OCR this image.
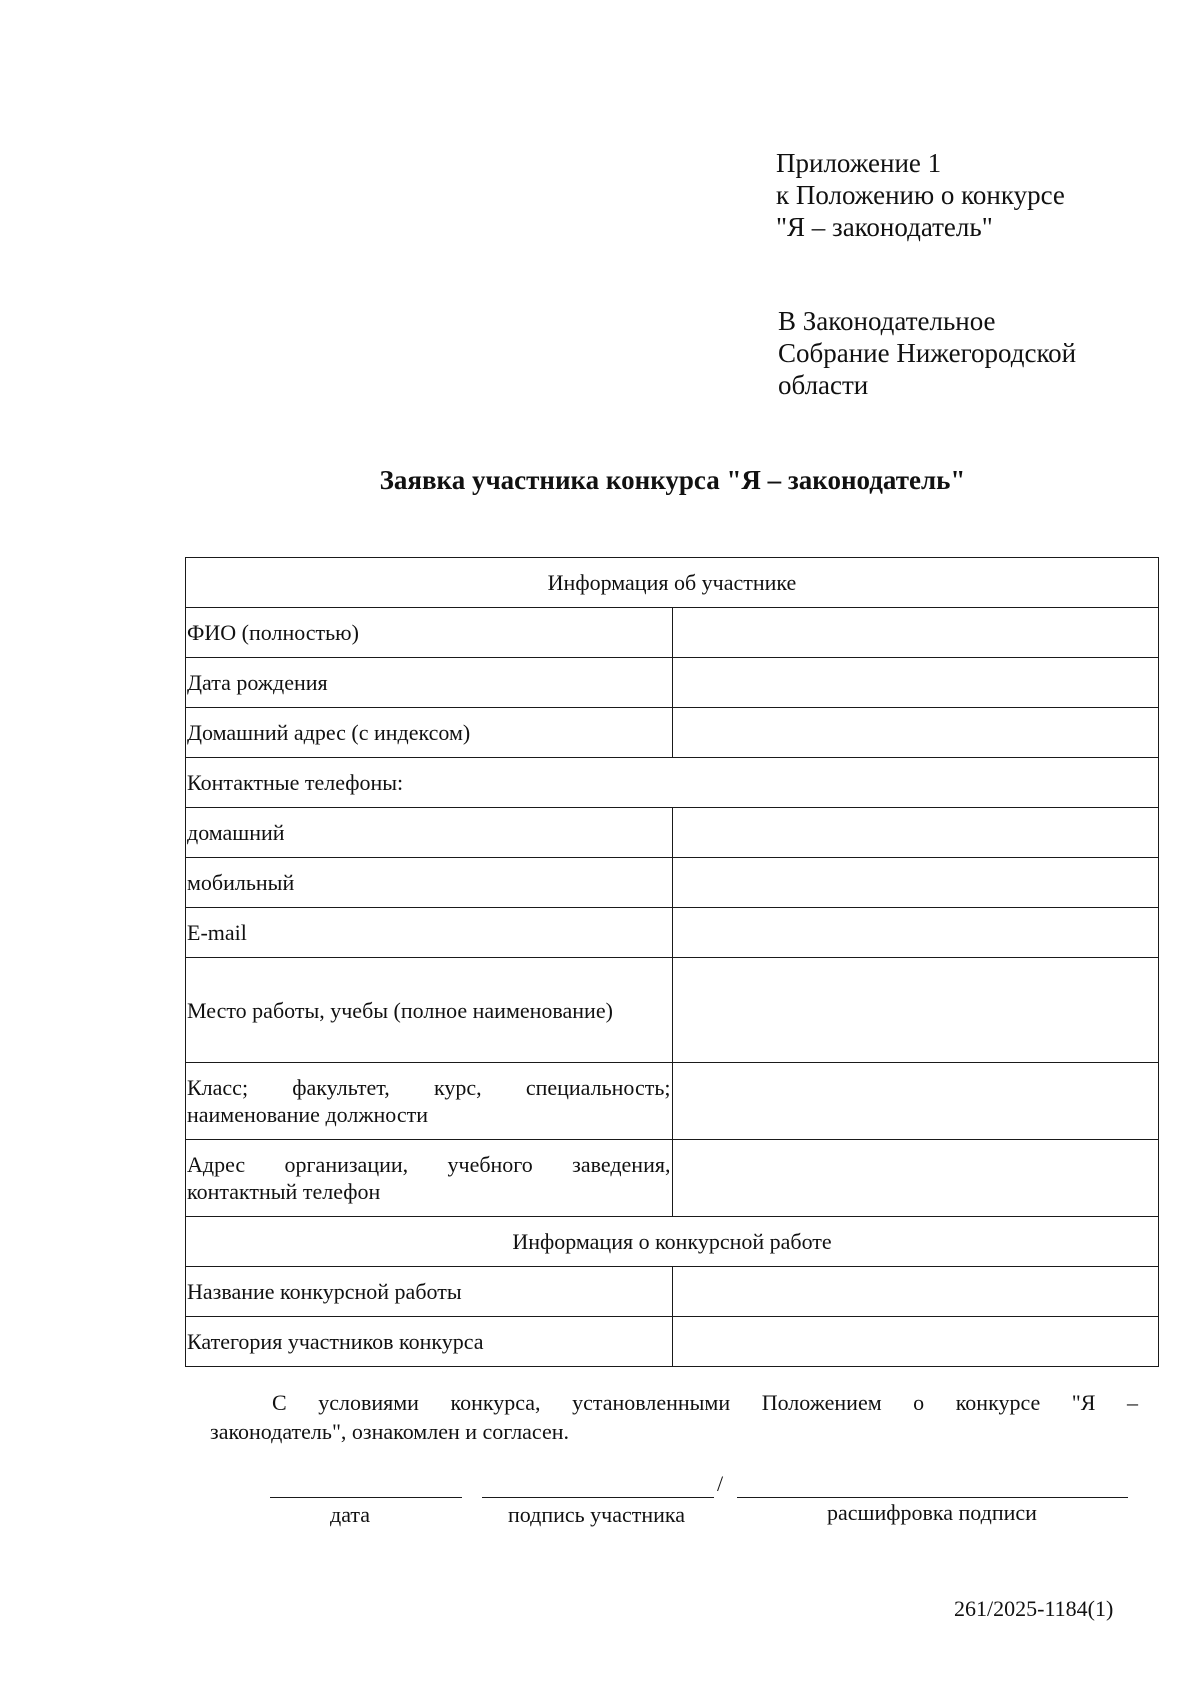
Приложение 1
к Положению о конкурсе
"Я – законодатель"
В Законодательное
Собрание Нижегородской
области
Заявка участника конкурса "Я – законодатель"
Информация об участнике	
ФИО (полностью)	
Дата рождения	
Домашний адрес (с индексом)	
Контактные телефоны:	
домашний	
мобильный	
E-mail	
Место работы, учебы (полное наименование)	

Класс; факультет, курс, специальность;
наименование должности	

Адрес организации, учебного заведения,
контактный телефон	

Информация о конкурсной работе	
Название конкурсной работы	
Категория участников конкурса	
С условиями конкурса, установленными Положением о конкурсе "Я –
законодатель", ознакомлен и согласен.
/
дата	подпись участника	расшифровка подписи
261/2025-1184(1)
